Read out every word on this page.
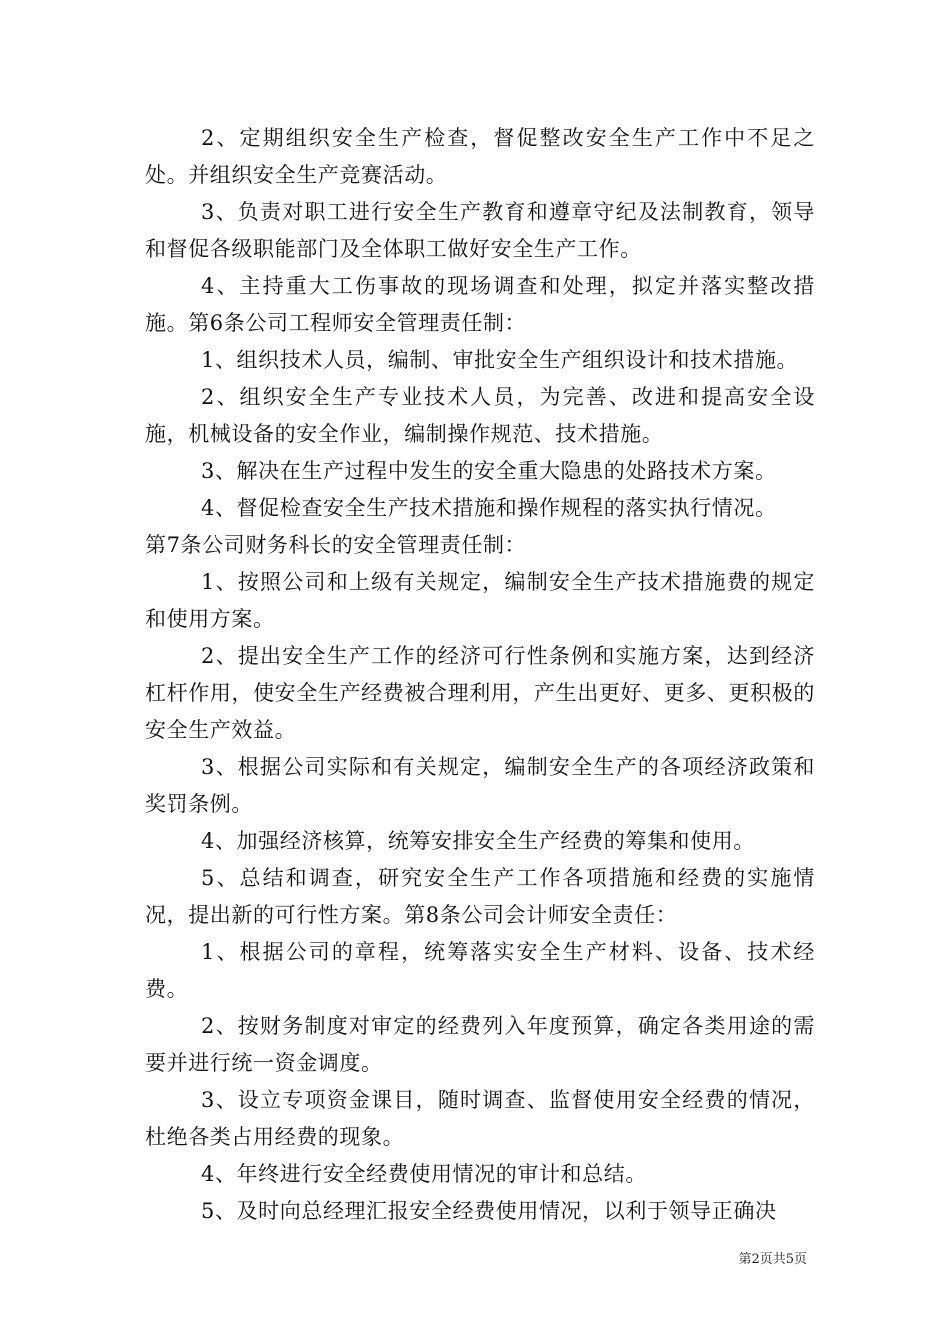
2、定期组织安全生产检查，督促整改安全生产工作中不足之处。并组织安全生产竞赛活动。

3、负责对职工进行安全生产教育和遵章守纪及法制教育，领导和督促各级职能部门及全体职工做好安全生产工作。

4、主持重大工伤事故的现场调查和处理，拟定并落实整改措施。第6条公司工程师安全管理责任制：

1、组织技术人员，编制、审批安全生产组织设计和技术措施。

2、组织安全生产专业技术人员，为完善、改进和提高安全设施，机械设备的安全作业，编制操作规范、技术措施。

3、解决在生产过程中发生的安全重大隐患的处路技术方案。

4、督促检查安全生产技术措施和操作规程的落实执行情况。

第7条公司财务科长的安全管理责任制：

1、按照公司和上级有关规定，编制安全生产技术措施费的规定和使用方案。

2、提出安全生产工作的经济可行性条例和实施方案，达到经济杠杆作用，使安全生产经费被合理利用，产生出更好、更多、更积极的安全生产效益。

3、根据公司实际和有关规定，编制安全生产的各项经济政策和奖罚条例。

4、加强经济核算，统筹安排安全生产经费的筹集和使用。

5、总结和调查，研究安全生产工作各项措施和经费的实施情况，提出新的可行性方案。第8条公司会计师安全责任：

1、根据公司的章程，统筹落实安全生产材料、设备、技术经费。

2、按财务制度对审定的经费列入年度预算，确定各类用途的需要并进行统一资金调度。

3、设立专项资金课目，随时调查、监督使用安全经费的情况，杜绝各类占用经费的现象。

4、年终进行安全经费使用情况的审计和总结。

5、及时向总经理汇报安全经费使用情况，以利于领导正确决

第2页共5页
